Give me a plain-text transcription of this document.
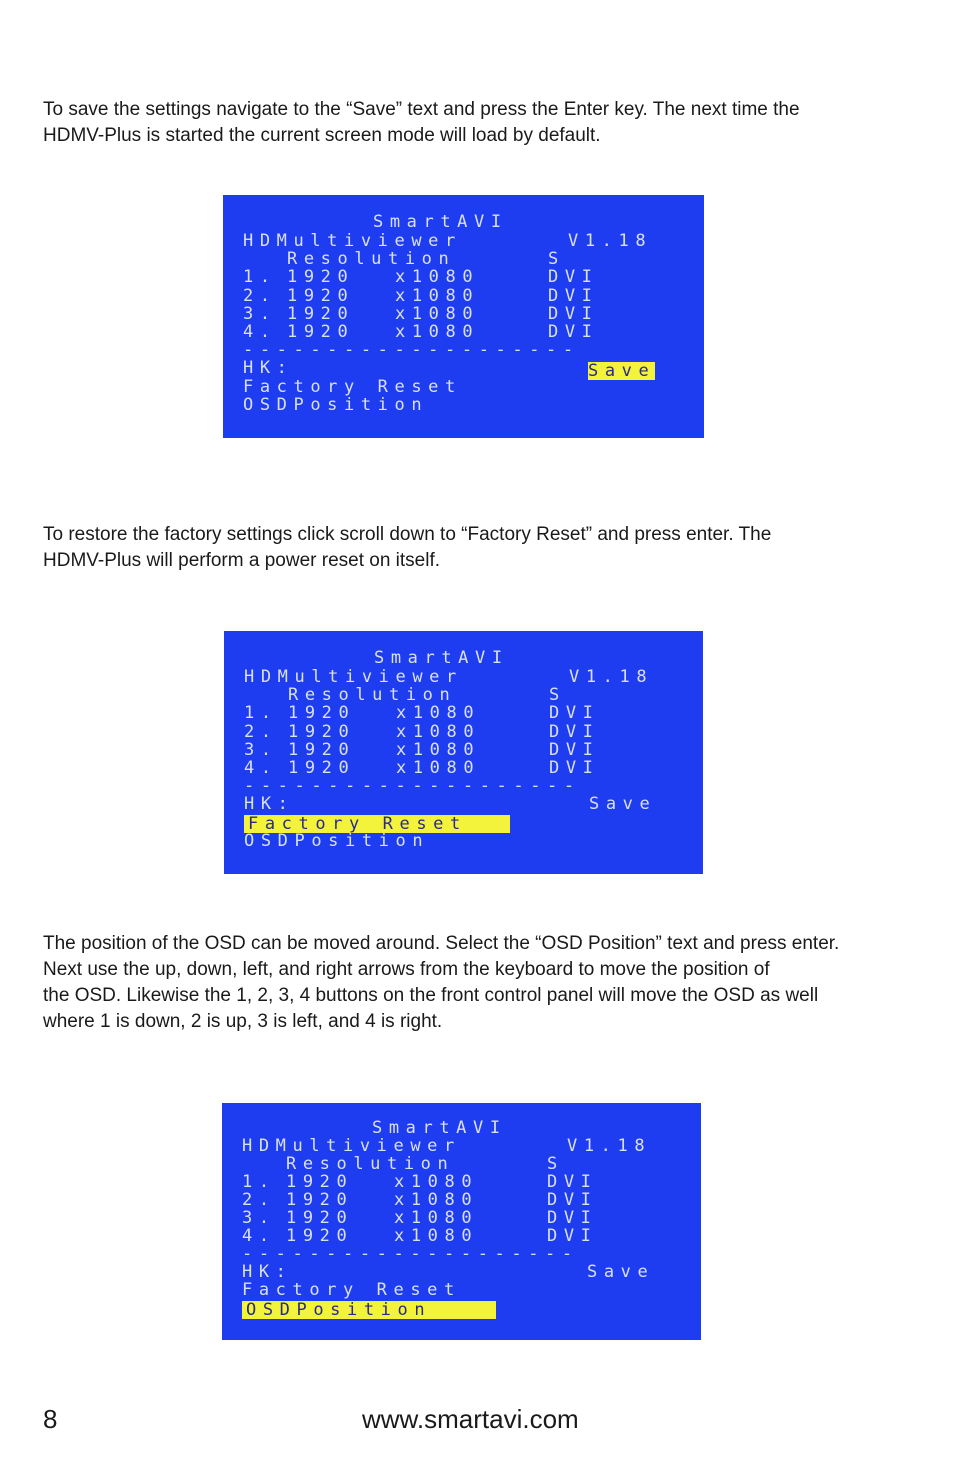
To save the settings navigate to the “Save” text and press the Enter key. The next time the
HDMV-Plus is started the current screen mode will load by default.

SmartAVI
HDMultiviewer	V1.18
Resolution	S
1. 1920 x1080	DVI
2. 1920 x1080	DVI
3. 1920 x1080	DVI
4. 1920 x1080	DVI
--------------------
HK:	Save
Factory Reset
OSDPosition

To restore the factory settings click scroll down to “Factory Reset” and press enter. The
HDMV-Plus will perform a power reset on itself.

SmartAVI
HDMultiviewer	V1.18
Resolution	S
1. 1920 x1080	DVI
2. 1920 x1080	DVI
3. 1920 x1080	DVI
4. 1920 x1080	DVI
--------------------
HK:	Save
Factory Reset
OSDPosition

The position of the OSD can be moved around. Select the “OSD Position” text and press enter.
Next use the up, down, left, and right arrows from the keyboard to move the position of
the OSD. Likewise the 1, 2, 3, 4 buttons on the front control panel will move the OSD as well
where 1 is down, 2 is up, 3 is left, and 4 is right.

SmartAVI
HDMultiviewer	V1.18
Resolution	S
1. 1920 x1080	DVI
2. 1920 x1080	DVI
3. 1920 x1080	DVI
4. 1920 x1080	DVI
--------------------
HK:	Save
Factory Reset
OSDPosition
8	www.smartavi.com
